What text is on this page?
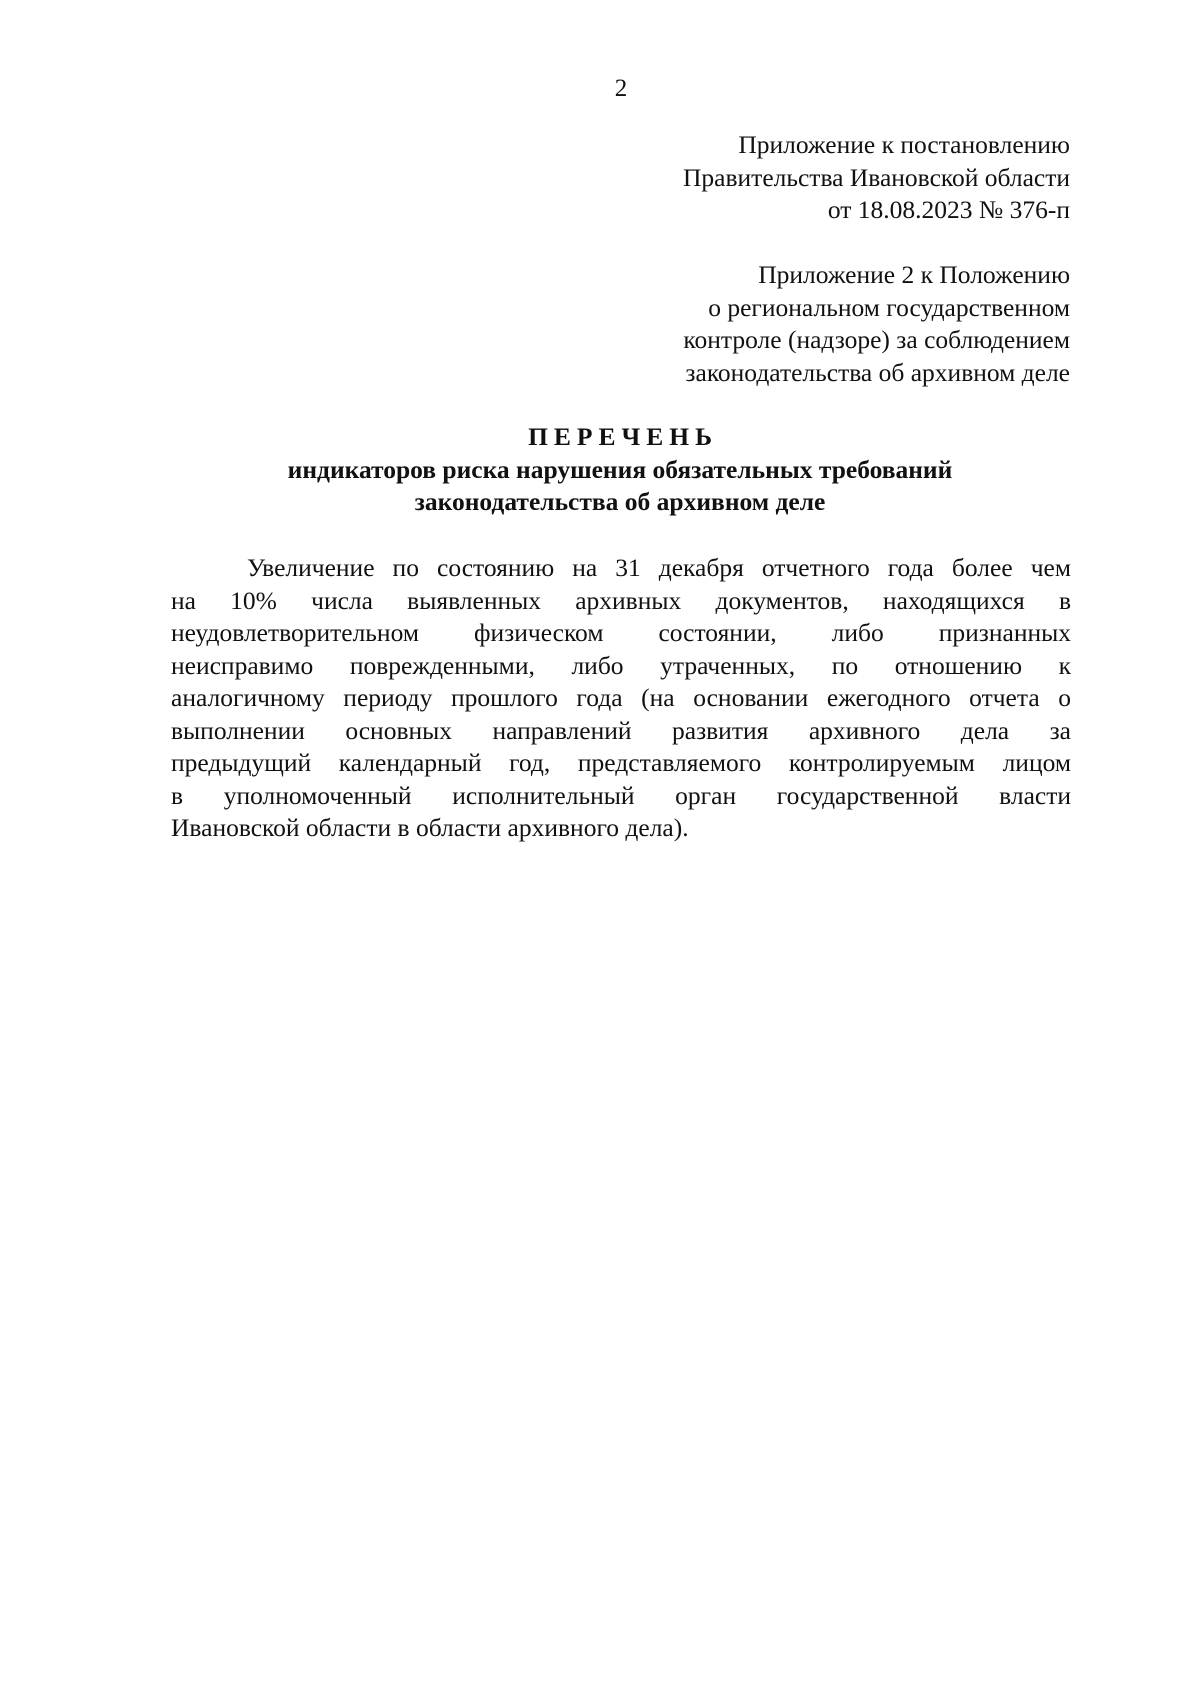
2
Приложение к постановлению
Правительства Ивановской области
от 18.08.2023 № 376-п
Приложение 2 к Положению
о региональном государственном
контроле (надзоре) за соблюдением
законодательства об архивном деле
ПЕРЕЧЕНЬ
индикаторов риска нарушения обязательных требований
законодательства об архивном деле
Увеличение по состоянию на 31 декабря отчетного года более чем
на 10% числа выявленных архивных документов, находящихся в
неудовлетворительном физическом состоянии, либо признанных
неисправимо поврежденными, либо утраченных, по отношению к
аналогичному периоду прошлого года (на основании ежегодного отчета о
выполнении основных направлений развития архивного дела за
предыдущий календарный год, представляемого контролируемым лицом
в уполномоченный исполнительный орган государственной власти
Ивановской области в области архивного дела).
